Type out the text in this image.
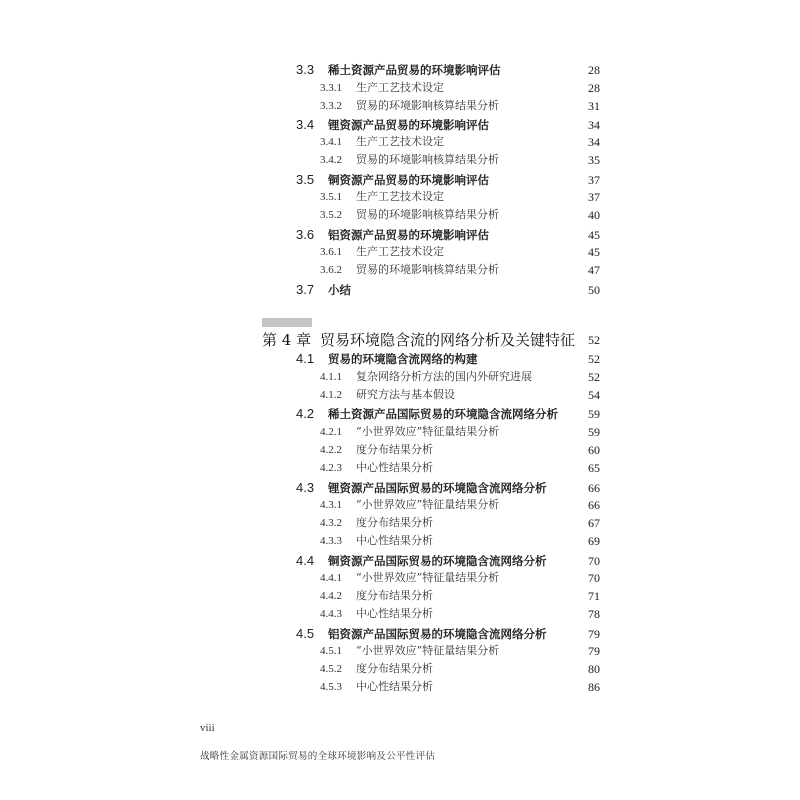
3.3	稀土资源产品贸易的环境影响评估	28
3.3.1	生产工艺技术设定	28
3.3.2	贸易的环境影响核算结果分析	31
3.4	锂资源产品贸易的环境影响评估	34
3.4.1	生产工艺技术设定	34
3.4.2	贸易的环境影响核算结果分析	35
3.5	铜资源产品贸易的环境影响评估	37
3.5.1	生产工艺技术设定	37
3.5.2	贸易的环境影响核算结果分析	40
3.6	铝资源产品贸易的环境影响评估	45
3.6.1	生产工艺技术设定	45
3.6.2	贸易的环境影响核算结果分析	47
3.7	小结	50
第 4 章 贸易环境隐含流的网络分析及关键特征	52
4.1	贸易的环境隐含流网络的构建	52
4.1.1	复杂网络分析方法的国内外研究进展	52
4.1.2	研究方法与基本假设	54
4.2	稀土资源产品国际贸易的环境隐含流网络分析	59
4.2.1	“小世界效应”特征量结果分析	59
4.2.2	度分布结果分析	60
4.2.3	中心性结果分析	65
4.3	锂资源产品国际贸易的环境隐含流网络分析	66
4.3.1	“小世界效应”特征量结果分析	66
4.3.2	度分布结果分析	67
4.3.3	中心性结果分析	69
4.4	铜资源产品国际贸易的环境隐含流网络分析	70
4.4.1	“小世界效应”特征量结果分析	70
4.4.2	度分布结果分析	71
4.4.3	中心性结果分析	78
4.5	铝资源产品国际贸易的环境隐含流网络分析	79
4.5.1	“小世界效应”特征量结果分析	79
4.5.2	度分布结果分析	80
4.5.3	中心性结果分析	86
viii
战略性金属资源国际贸易的全球环境影响及公平性评估
